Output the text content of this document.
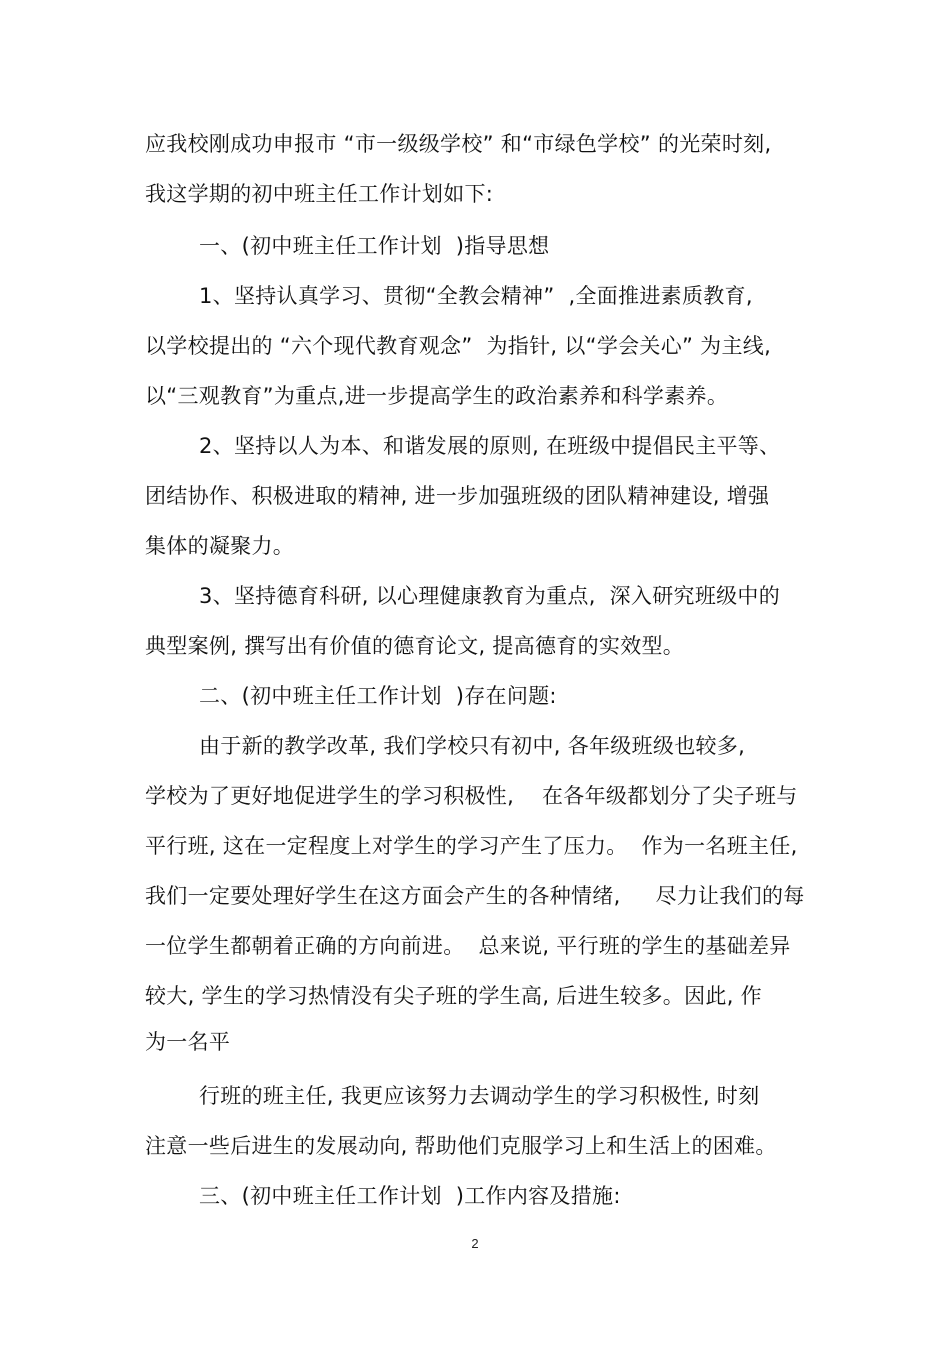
应我校刚成功申报市 “市一级级学校” 和“市绿色学校” 的光荣时刻,
我这学期的初中班主任工作计划如下:
一、(初中班主任工作计划  )指导思想
1、坚持认真学习、贯彻“全教会精神”  ,全面推进素质教育,
以学校提出的 “六个现代教育观念”  为指针, 以“学会关心” 为主线,
以“三观教育”为重点,进一步提高学生的政治素养和科学素养。
2、坚持以人为本、和谐发展的原则, 在班级中提倡民主平等、
团结协作、积极进取的精神, 进一步加强班级的团队精神建设, 增强
集体的凝聚力。
3、坚持德育科研, 以心理健康教育为重点,  深入研究班级中的
典型案例, 撰写出有价值的德育论文, 提高德育的实效型。
二、(初中班主任工作计划  )存在问题:
由于新的教学改革, 我们学校只有初中, 各年级班级也较多,
学校为了更好地促进学生的学习积极性,    在各年级都划分了尖子班与
平行班, 这在一定程度上对学生的学习产生了压力。  作为一名班主任,
我们一定要处理好学生在这方面会产生的各种情绪,     尽力让我们的每
一位学生都朝着正确的方向前进。  总来说, 平行班的学生的基础差异
较大, 学生的学习热情没有尖子班的学生高, 后进生较多。因此, 作
为一名平
行班的班主任, 我更应该努力去调动学生的学习积极性, 时刻
注意一些后进生的发展动向, 帮助他们克服学习上和生活上的困难。
三、(初中班主任工作计划  )工作内容及措施:
2
